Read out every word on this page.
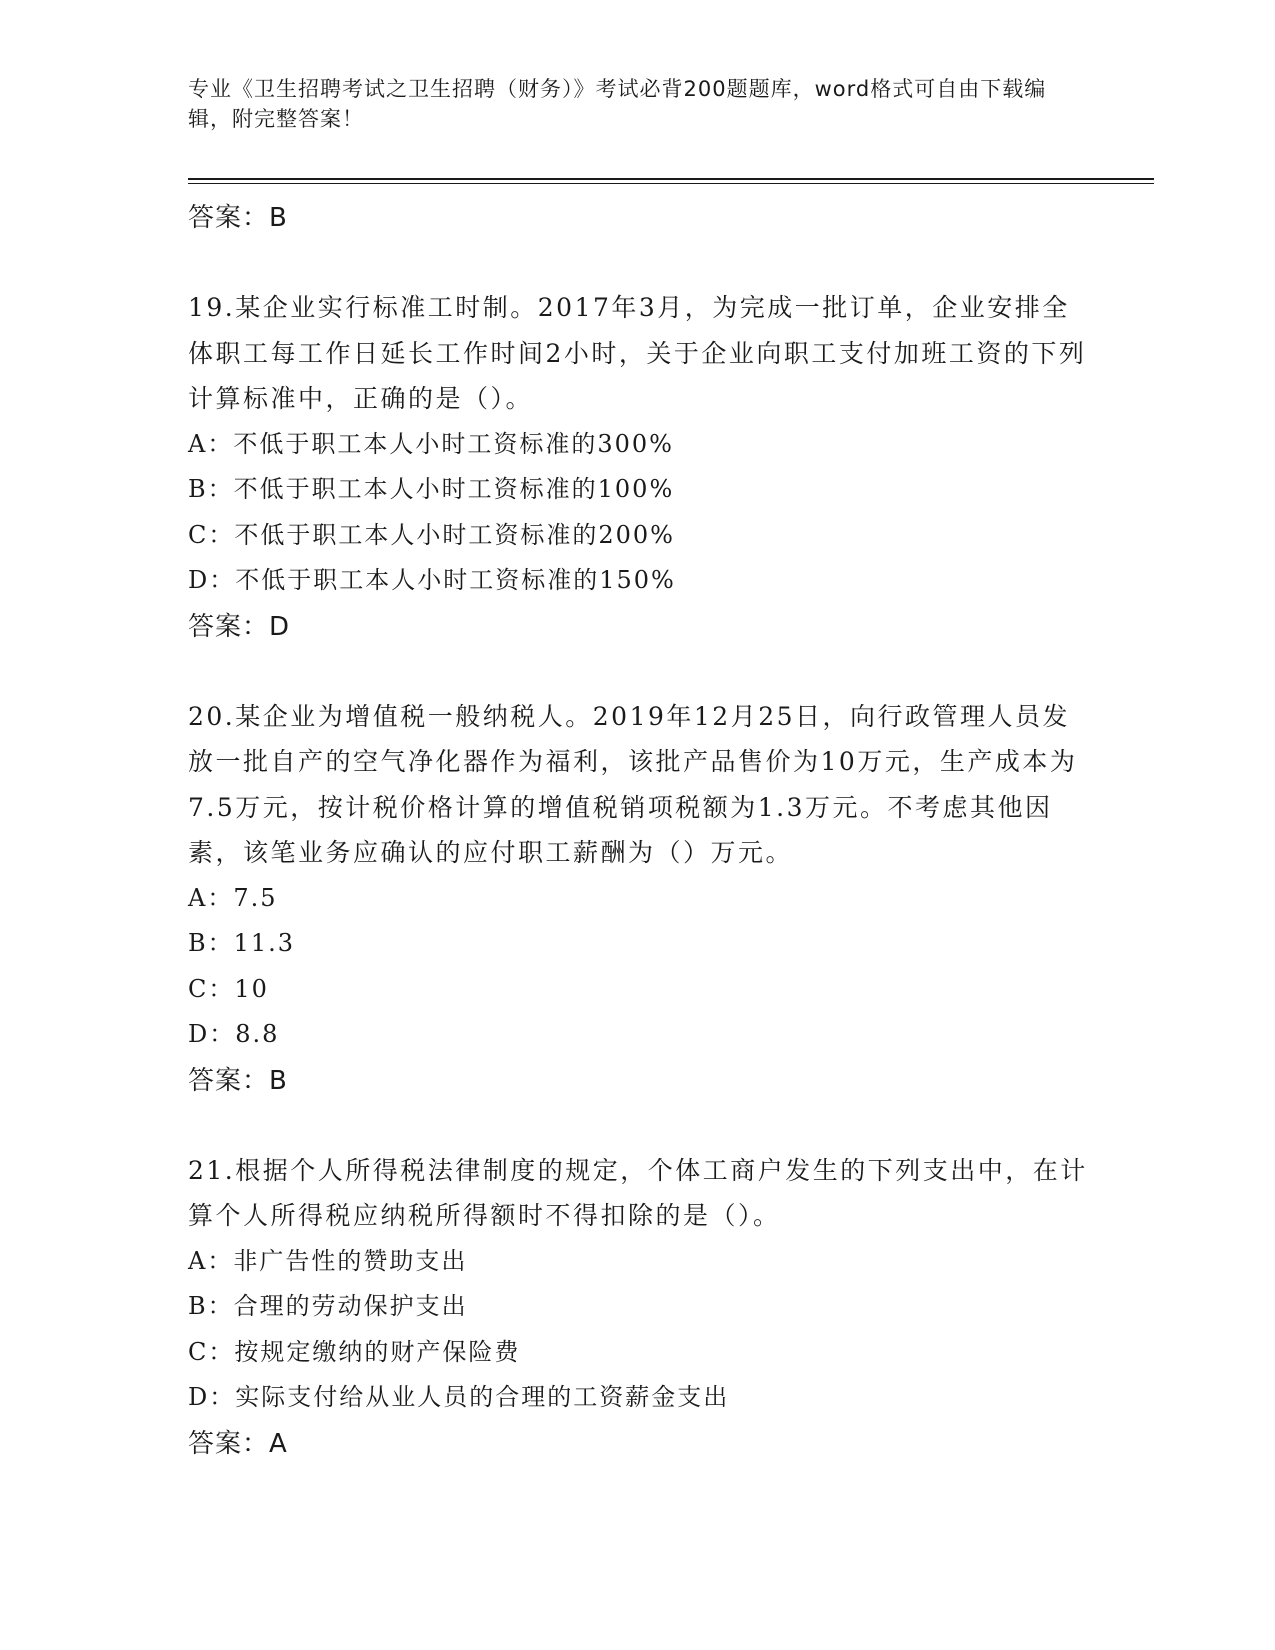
专业《卫生招聘考试之卫生招聘（财务）》考试必背200题题库，word格式可自由下载编辑，附完整答案！

答案：B

19.某企业实行标准工时制。2017年3月，为完成一批订单，企业安排全体职工每工作日延长工作时间2小时，关于企业向职工支付加班工资的下列计算标准中，正确的是（）。

A：不低于职工本人小时工资标准的300%

B：不低于职工本人小时工资标准的100%

C：不低于职工本人小时工资标准的200%

D：不低于职工本人小时工资标准的150%

答案：D

20.某企业为增值税一般纳税人。2019年12月25日，向行政管理人员发放一批自产的空气净化器作为福利，该批产品售价为10万元，生产成本为7.5万元，按计税价格计算的增值税销项税额为1.3万元。不考虑其他因素，该笔业务应确认的应付职工薪酬为（）万元。

A：7.5

B：11.3

C：10

D：8.8

答案：B

21.根据个人所得税法律制度的规定，个体工商户发生的下列支出中，在计算个人所得税应纳税所得额时不得扣除的是（）。

A：非广告性的赞助支出

B：合理的劳动保护支出

C：按规定缴纳的财产保险费

D：实际支付给从业人员的合理的工资薪金支出

答案：A
